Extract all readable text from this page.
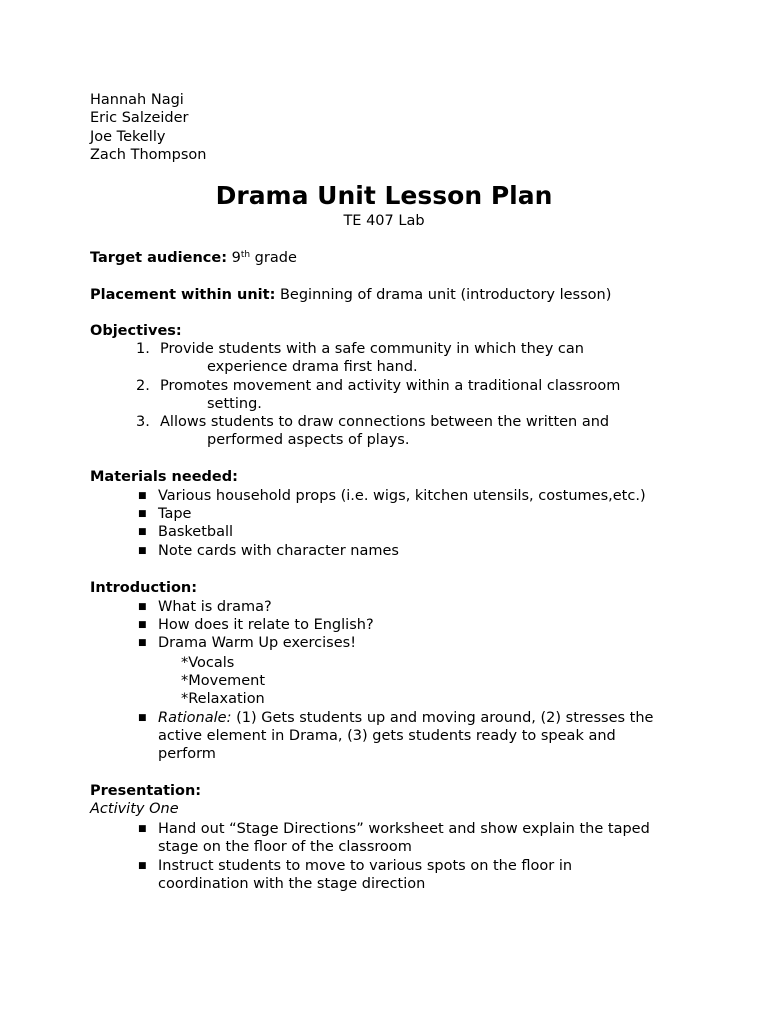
Hannah Nagi
Eric Salzeider
Joe Tekelly
Zach Thompson
Drama Unit Lesson Plan
TE 407 Lab
Target audience: 9th grade
Placement within unit: Beginning of drama unit (introductory lesson)
Objectives:
1. Provide students with a safe community in which they can
experience drama first hand.
2. Promotes movement and activity within a traditional classroom
setting.
3. Allows students to draw connections between the written and
performed aspects of plays.
Materials needed:
■ Various household props (i.e. wigs, kitchen utensils, costumes,etc.)
■ Tape
■ Basketball
■ Note cards with character names
Introduction:
■ What is drama?
■ How does it relate to English?
■ Drama Warm Up exercises!
*Vocals
*Movement
*Relaxation
■ Rationale: (1) Gets students up and moving around, (2) stresses the
active element in Drama, (3) gets students ready to speak and
perform
Presentation:
Activity One
■ Hand out “Stage Directions” worksheet and show explain the taped
stage on the floor of the classroom
■ Instruct students to move to various spots on the floor in
coordination with the stage direction
